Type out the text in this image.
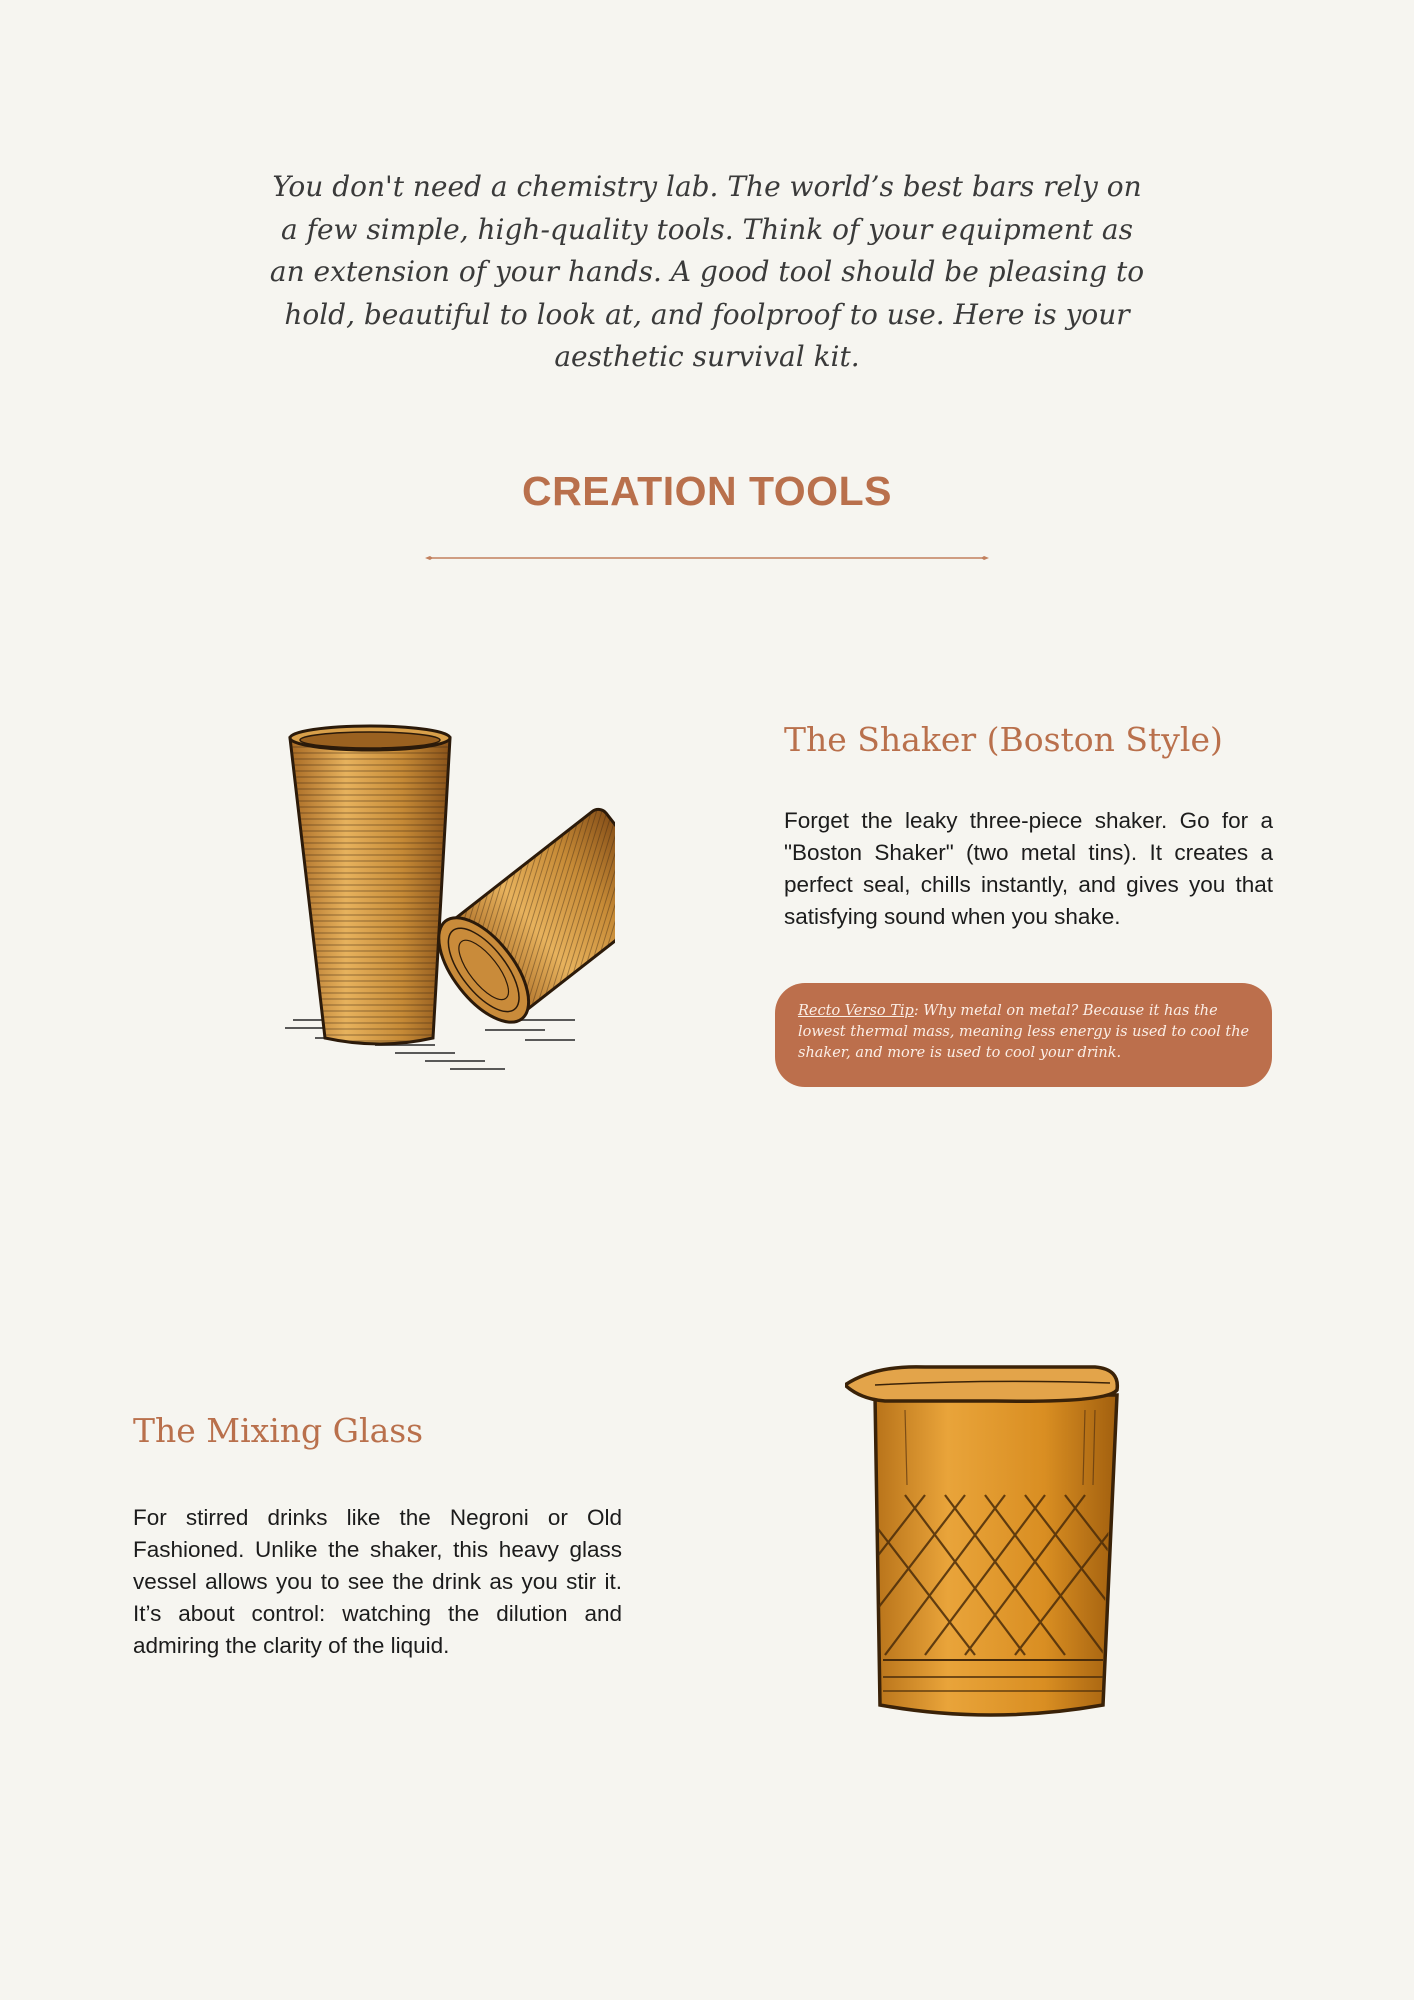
You don't need a chemistry lab. The world’s best bars rely on a few simple, high-quality tools. Think of your equipment as an extension of your hands. A good tool should be pleasing to hold, beautiful to look at, and foolproof to use. Here is your aesthetic survival kit.

CREATION TOOLS
The Shaker (Boston Style)

Forget the leaky three-piece shaker. Go for a "Boston Shaker" (two metal tins). It creates a perfect seal, chills instantly, and gives you that satisfying sound when you shake.

Recto Verso Tip: Why metal on metal? Because it has the lowest thermal mass, meaning less energy is used to cool the shaker, and more is used to cool your drink.
The Mixing Glass

For stirred drinks like the Negroni or Old Fashioned. Unlike the shaker, this heavy glass vessel allows you to see the drink as you stir it. It’s about control: watching the dilution and admiring the clarity of the liquid.
